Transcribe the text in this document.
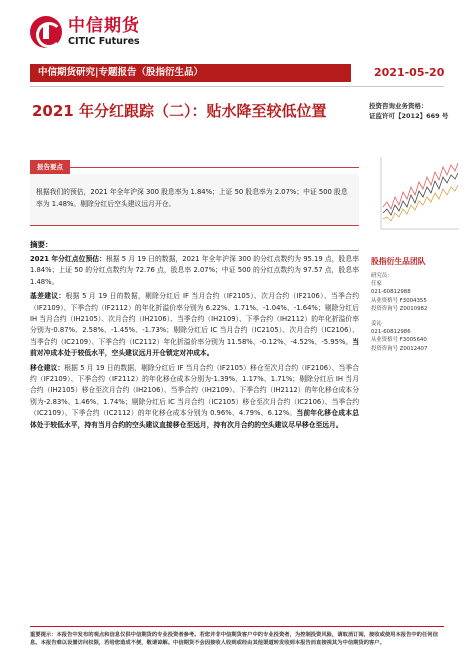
中信期货
CITIC Futures
中信期货研究|专题报告（股指衍生品）	2021-05-20
2021 年分红跟踪（二）：贴水降至较低位置	投资咨询业务资格：
证监许可【2012】669 号
报告要点
根据我们的预估，2021 年全年沪深 300 股息率为 1.84%；上证 50 股息率为 2.07%；中证 500 股息率为 1.48%。剔除分红后空头建议远月开仓。
摘要：

2021 年分红点位预估：根据 5 月 19 日的数据，2021 年全年沪深 300 的分红点数约为 95.19 点，股息率 1.84%；上证 50 的分红点数约为 72.76 点，股息率 2.07%；中证 500 的分红点数约为 97.57 点，股息率 1.48%。

基差建议：根据 5 月 19 日的数据，剔除分红后 IF 当月合约（IF2105）、次月合约（IF2106）、当季合约（IF2109）、下季合约（IF2112）的年化折溢价率分别为 6.22%、1.71%、-1.04%、-1.64%；剔除分红后 IH 当月合约（IH2105）、次月合约（IH2106）、当季合约（IH2109）、下季合约（IH2112）的年化折溢价率分别为-0.87%、2.58%、-1.45%、-1.73%；剔除分红后 IC 当月合约（IC2105）、次月合约（IC2106）、当季合约（IC2109）、下季合约（IC2112）年化折溢价率分别为 11.58%、-0.12%、-4.52%、-5.95%。当前对冲成本处于较低水平，空头建议远月开仓锁定对冲成本。

移仓建议：根据 5 月 19 日的数据，剔除分红后 IF 当月合约（IF2105）移仓至次月合约（IF2106）、当季合约（IF2109）、下季合约（IF2112）的年化移仓成本分别为-1.39%、1.17%、1.71%；剔除分红后 IH 当月合约（IH2105）移仓至次月合约（IH2106）、当季合约（IH2109）、下季合约（IH2112）的年化移仓成本分别为-2.83%、1.46%、1.74%；剔除分红后 IC 当月合约（IC2105）移仓至次月合约（IC2106）、当季合约（IC2109）、下季合约（IC2112）的年化移仓成本分别为 0.96%、4.79%、6.12%。当前年化移仓成本总体处于较低水平，持有当月合约的空头建议直接移仓至远月，持有次月合约的空头建议尽早移仓至远月。

股指衍生品团队
研究员：
任家
021-60812988
从业资格号 F3004355
投资咨询号 Z0010982
姜沁
021-60812986
从业资格号 F3005640
投资咨询号 Z0012407
重要提示：本报告中发布的观点和信息仅供中信期货的专业投资者参考。若您并非中信期货客户中的专业投资者，为控制投资风险，请取消订阅，接收或使用本报告中的任何信息。本报告难以设置访问权限，若给您造成不便，敬请谅解。中信期货不会因接收人收到或经由其他渠道转发收到本报告而直接视其为中信期货的客户。
